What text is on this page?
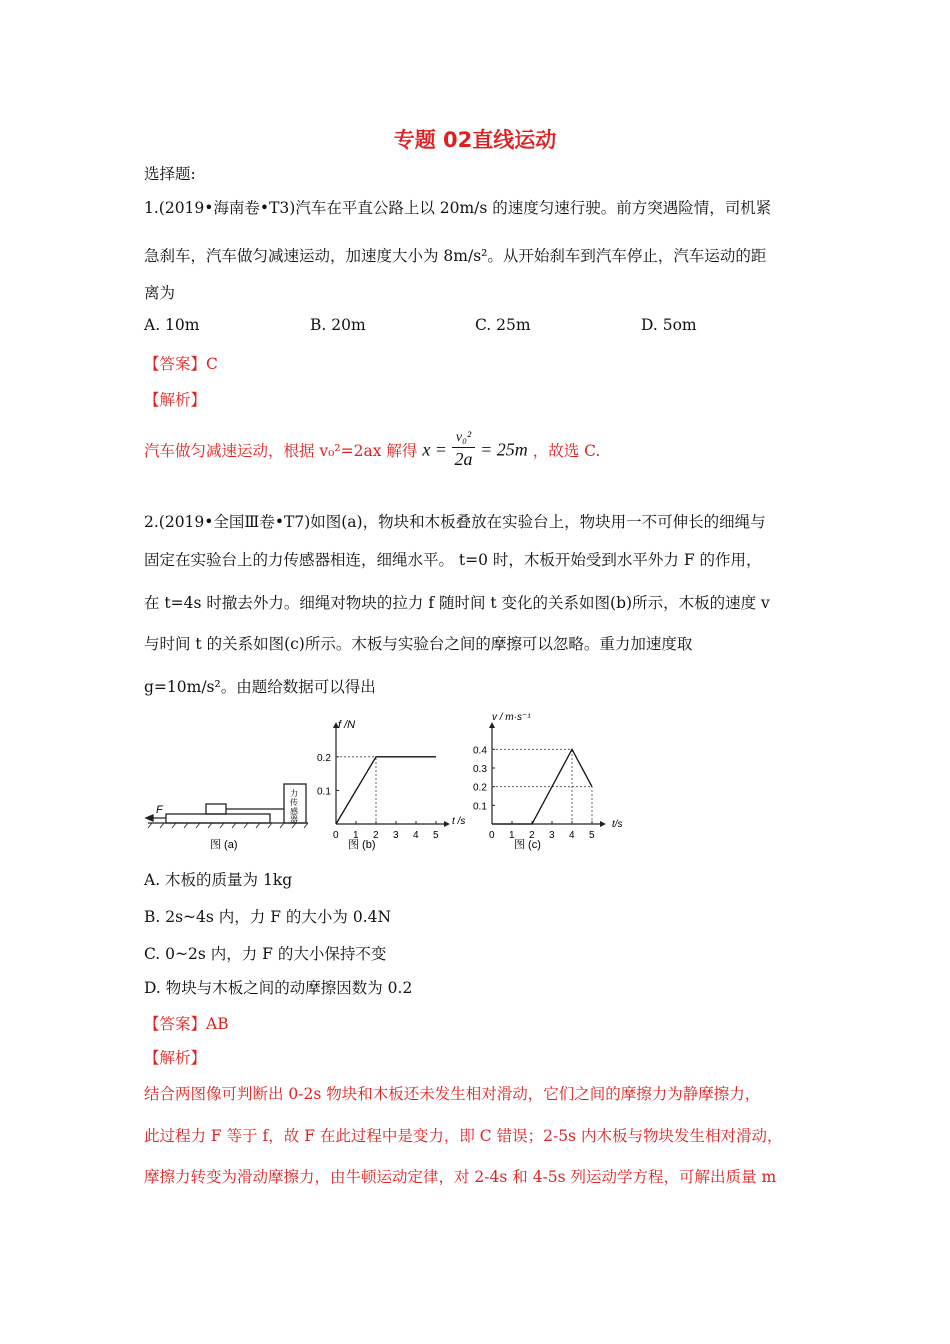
专题 02直线运动
选择题:
1.(2019•海南卷•T3)汽车在平直公路上以 20m/s 的速度匀速行驶。前方突遇险情，司机紧
急刹车，汽车做匀减速运动，加速度大小为 8m/s²。从开始刹车到汽车停止，汽车运动的距
离为
A. 10m	B. 20m	C. 25m	D. 5om
【答案】C
【解析】
汽车做匀减速运动，根据 v₀²=2ax 解得 $x = \frac{\text{v₀²}}{2a} = 25m$ ，故选 C.
2.(2019•全国Ⅲ卷•T7)如图(a)，物块和木板叠放在实验台上，物块用一不可伸长的细绳与
固定在实验台上的力传感器相连，细绳水平。 t=0 时，木板开始受到水平外力 F 的作用，
在 t=4s 时撤去外力。细绳对物块的拉力 f 随时间 t 变化的关系如图(b)所示，木板的速度 v
与时间 t 的关系如图(c)所示。木板与实验台之间的摩擦可以忽略。重力加速度取
g=10m/s²。由题给数据可以得出
F
力
传
感
器
图 (a)
0 1 2 3 4 5
0.2
0.1
图 (b)
f /N
t /s
0 1 2 3 4 5
0.4
0.3
0.2
0.1
图 (c)
v / m·s⁻¹
t/s
A. 木板的质量为 1kg
B. 2s~4s 内，力 F 的大小为 0.4N
C. 0~2s 内，力 F 的大小保持不变
D. 物块与木板之间的动摩擦因数为 0.2
【答案】AB
【解析】
结合两图像可判断出 0-2s 物块和木板还未发生相对滑动，它们之间的摩擦力为静摩擦力，
此过程力 F 等于 f，故 F 在此过程中是变力，即 C 错误；2-5s 内木板与物块发生相对滑动，
摩擦力转变为滑动摩擦力，由牛顿运动定律，对 2-4s 和 4-5s 列运动学方程，可解出质量 m
